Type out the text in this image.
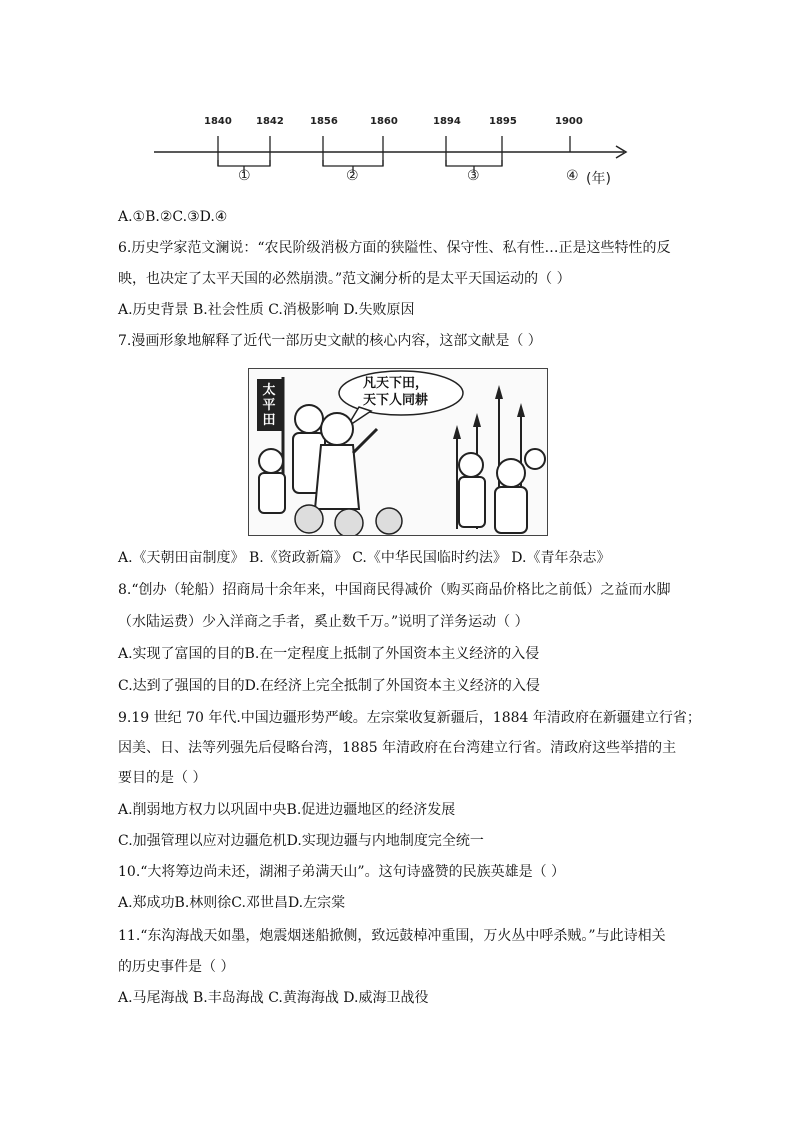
1840 1842	1856	1860	1894	1895	1900
①	②	③	④ (年)
A.①B.②C.③D.④
6.历史学家范文澜说：“农民阶级消极方面的狭隘性、保守性、私有性…正是这些特性的反
映，也决定了太平天国的必然崩溃。”范文澜分析的是太平天国运动的（ ）
A.历史背景 B.社会性质 C.消极影响 D.失败原因
7.漫画形象地解释了近代一部历史文献的核心内容，这部文献是（ ）
太平田
凡天下田，
天下人同耕
A.《天朝田亩制度》 B.《资政新篇》 C.《中华民国临时约法》 D.《青年杂志》
8.“创办（轮船）招商局十余年来，中国商民得减价（购买商品价格比之前低）之益而水脚
（水陆运费）少入洋商之手者，奚止数千万。”说明了洋务运动（ ）
A.实现了富国的目的B.在一定程度上抵制了外国资本主义经济的入侵
C.达到了强国的目的D.在经济上完全抵制了外国资本主义经济的入侵
9.19 世纪 70 年代.中国边疆形势严峻。左宗棠收复新疆后，1884 年清政府在新疆建立行省；
因美、日、法等列强先后侵略台湾，1885 年清政府在台湾建立行省。清政府这些举措的主
要目的是（ ）
A.削弱地方权力以巩固中央B.促进边疆地区的经济发展
C.加强管理以应对边疆危机D.实现边疆与内地制度完全统一
10.“大将筹边尚未还，湖湘子弟满天山”。这句诗盛赞的民族英雄是（ ）
A.郑成功B.林则徐C.邓世昌D.左宗棠
11.“东沟海战天如墨，炮震烟迷船掀侧，致远鼓棹冲重围，万火丛中呼杀贼。”与此诗相关
的历史事件是（ ）
A.马尾海战 B.丰岛海战 C.黄海海战 D.威海卫战役
